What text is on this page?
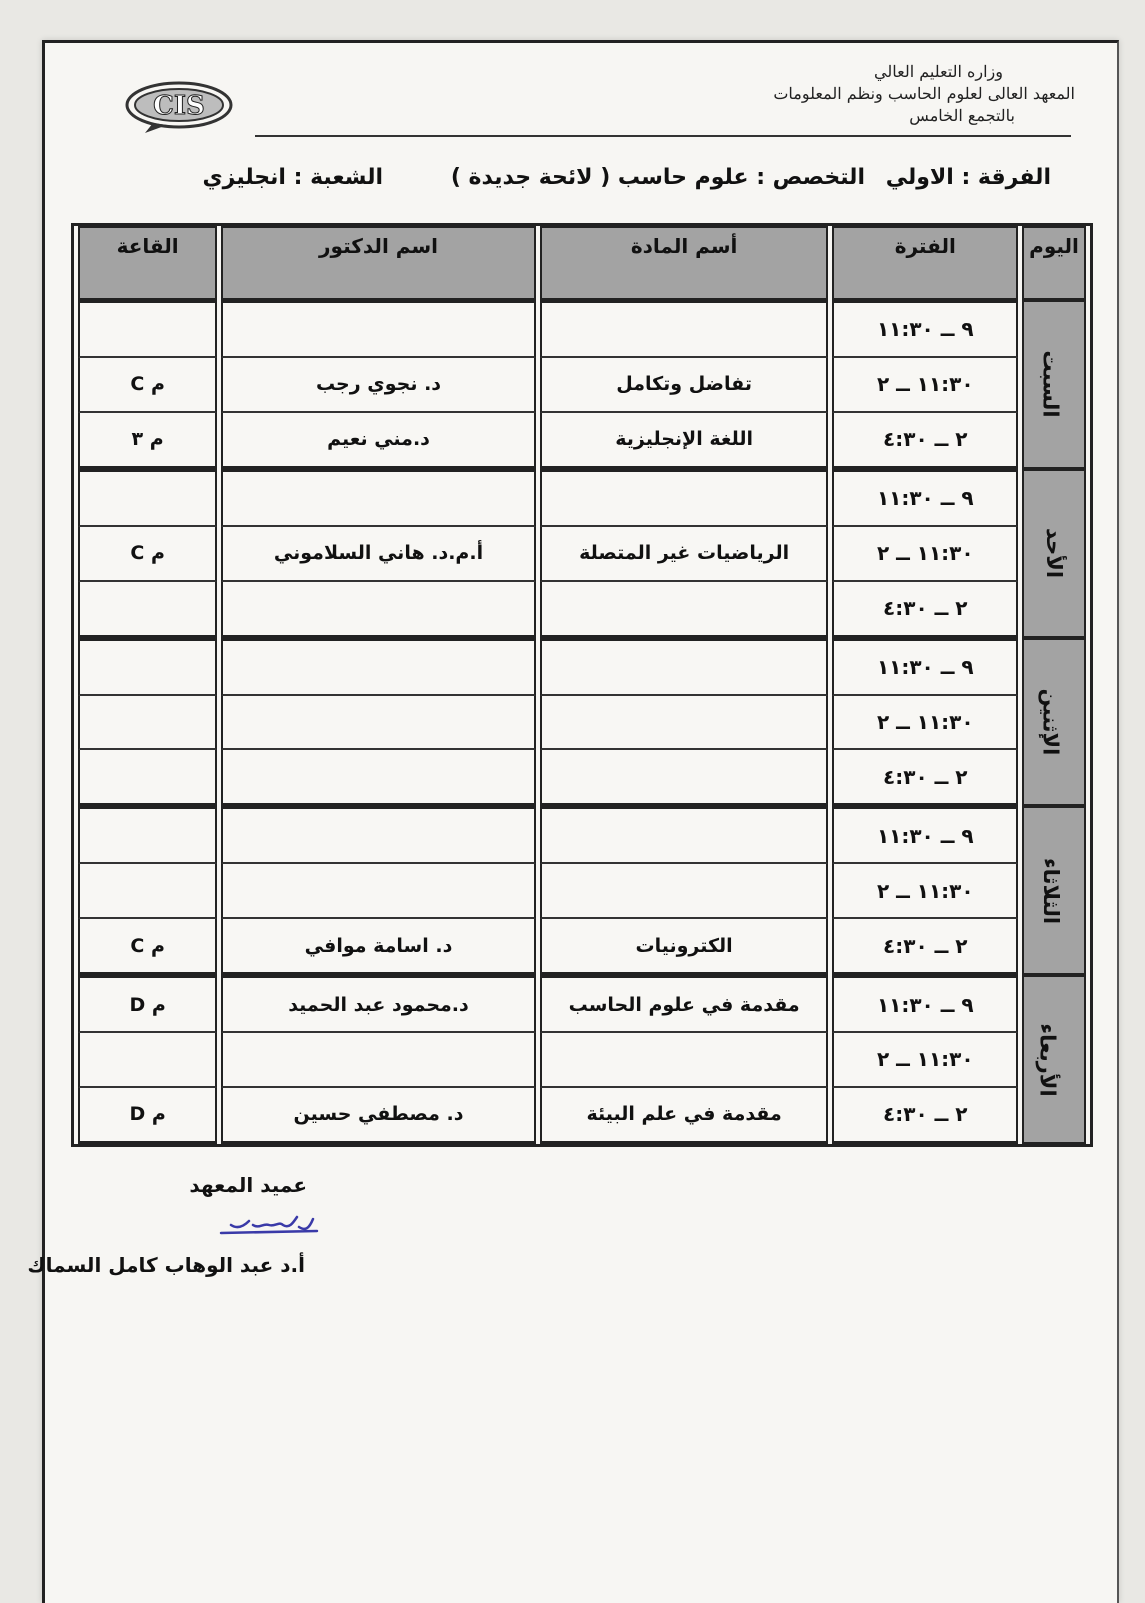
CIS
وزاره التعليم العالي
المعهد العالى لعلوم الحاسب ونظم المعلومات
بالتجمع الخامس
الفرقة : الاولي
التخصص : علوم حاسب ( لائحة جديدة )
الشعبة : انجليزي
اليوم	الفترة	أسم المادة	اسم الدكتور	القاعة
السبت	٩ ــ ١١:٣٠			
	١١:٣٠ ــ ٢	تفاضل وتكامل	د. نجوي رجب	م C
	٢ ــ ٤:٣٠	اللغة الإنجليزية	د.مني نعيم	م ٣
الأحد	٩ ــ ١١:٣٠			
	١١:٣٠ ــ ٢	الرياضيات غير المتصلة	أ.م.د. هاني السلاموني	م C
	٢ ــ ٤:٣٠			
الإثنين	٩ ــ ١١:٣٠			
	١١:٣٠ ــ ٢			
	٢ ــ ٤:٣٠			
الثلاثاء	٩ ــ ١١:٣٠			
	١١:٣٠ ــ ٢			
	٢ ــ ٤:٣٠	الكترونيات	د. اسامة موافي	م C
الأربعاء	٩ ــ ١١:٣٠	مقدمة في علوم الحاسب	د.محمود عبد الحميد	م D
	١١:٣٠ ــ ٢			
	٢ ــ ٤:٣٠	مقدمة في علم البيئة	د. مصطفي حسين	م D
عميد المعهد
أ.د عبد الوهاب كامل السماك
